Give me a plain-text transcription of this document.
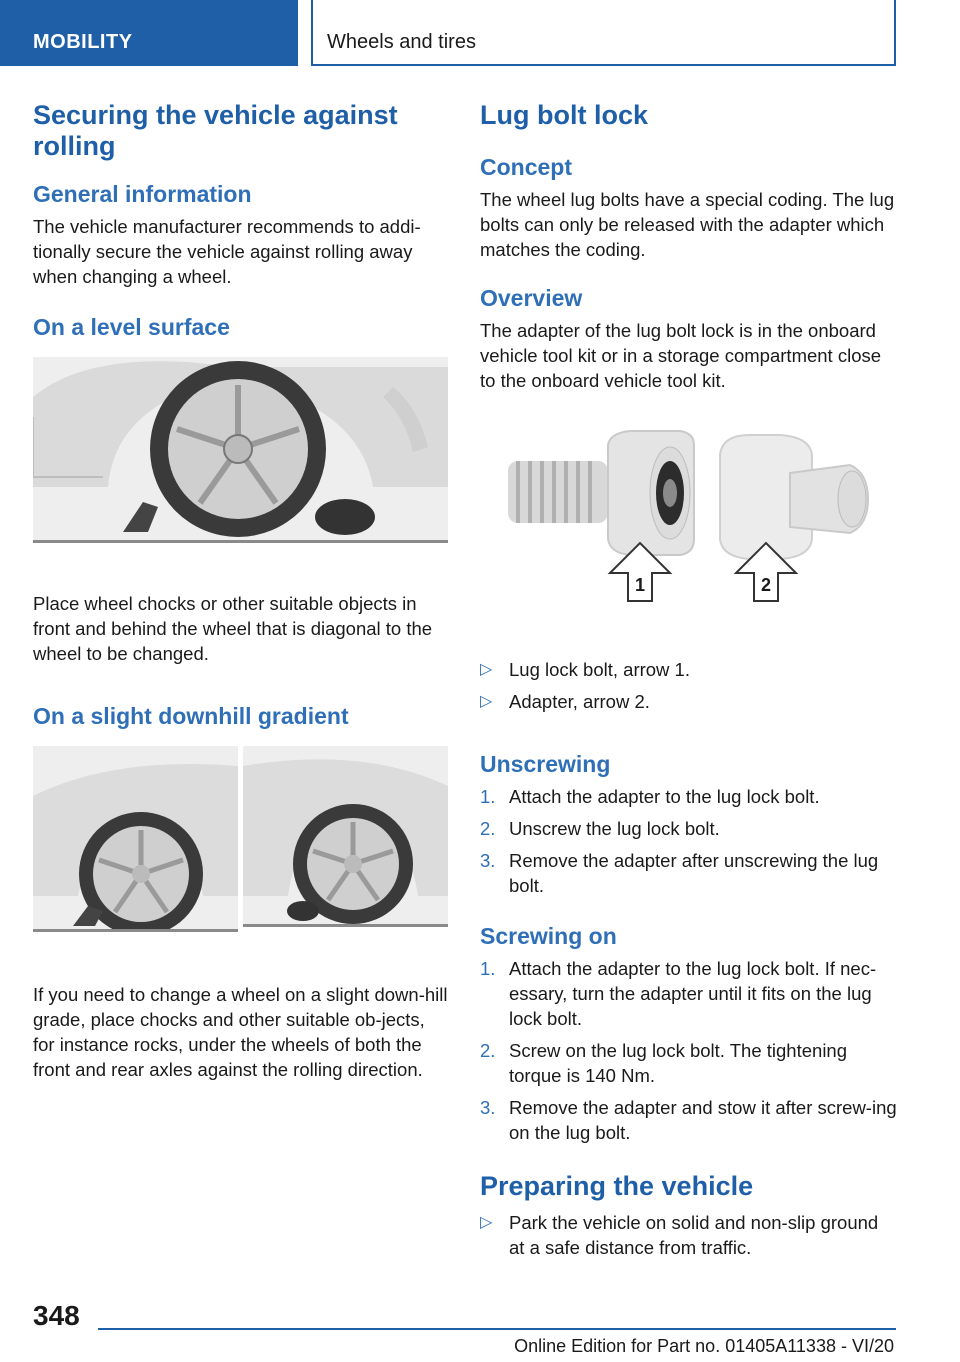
MOBILITY	Wheels and tires
Securing the vehicle against rolling
General information

The vehicle manufacturer recommends to addi‐tionally secure the vehicle against rolling away when changing a wheel.

On a level surface

Place wheel chocks or other suitable objects in front and behind the wheel that is diagonal to the wheel to be changed.

On a slight downhill gradient

If you need to change a wheel on a slight down‐hill grade, place chocks and other suitable ob‐jects, for instance rocks, under the wheels of both the front and rear axles against the rolling direction.

Lug bolt lock
Concept

The wheel lug bolts have a special coding. The lug bolts can only be released with the adapter which matches the coding.

Overview

The adapter of the lug bolt lock is in the onboard vehicle tool kit or in a storage compartment close to the onboard vehicle tool kit.

1	2
▷ Lug lock bolt, arrow 1.
▷ Adapter, arrow 2.
Unscrewing
1. Attach the adapter to the lug lock bolt.
2. Unscrew the lug lock bolt.
3. Remove the adapter after unscrewing the lug bolt.
Screwing on
1. Attach the adapter to the lug lock bolt. If nec‐essary, turn the adapter until it fits on the lug lock bolt.
2. Screw on the lug lock bolt. The tightening torque is 140 Nm.
3. Remove the adapter and stow it after screw‐ing on the lug bolt.
Preparing the vehicle
▷ Park the vehicle on solid and non-slip ground at a safe distance from traffic.
348
Online Edition for Part no. 01405A11338 - VI/20
